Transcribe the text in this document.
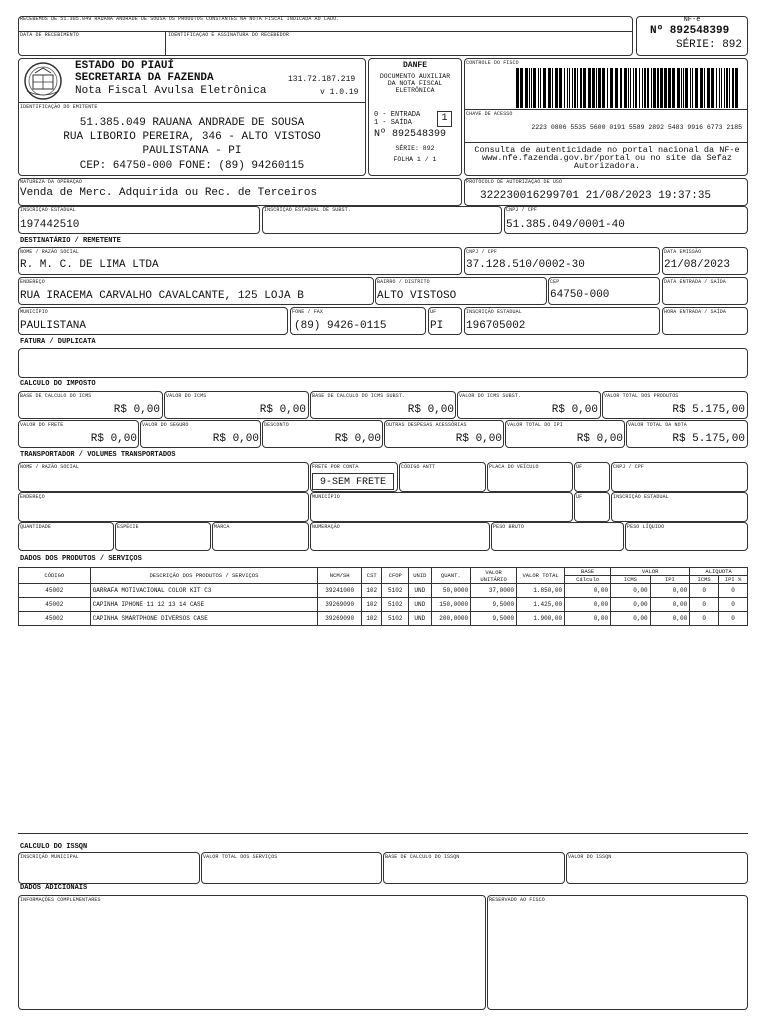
RECEBEMOS DE 51.385.049 RAUANA ANDRADE DE SOUSA OS PRODUTOS CONSTANTES NA NOTA FISCAL INDICADA AO LADO.
DATA DE RECEBIMENTO	IDENTIFICAÇÃO E ASSINATURA DO RECEBEDOR
NF-e
Nº 892548399
SÉRIE: 892
ESTADO DO PIAUÍ
SECRETARIA DA FAZENDA
Nota Fiscal Avulsa Eletrônica
131.72.187.219
v 1.0.19
IDENTIFICAÇÃO DO EMITENTE
51.385.049 RAUANA ANDRADE DE SOUSA
RUA LIBORIO PEREIRA, 346 - ALTO VISTOSO
PAULISTANA - PI
CEP: 64750-000 FONE: (89) 94260115
DANFE
DOCUMENTO AUXILIAR
DA NOTA FISCAL
ELETRÔNICA
0 - ENTRADA
1 - SAÍDA	1
Nº 892548399
SÉRIE: 892
FOLHA 1 / 1
CONTROLE DO FISCO
CHAVE DE ACESSO
2223 0806 5535 5600 0191 5589 2892 5483 9916 6773 2185
Consulta de autenticidade no portal nacional da NF-e www.nfe.fazenda.gov.br/portal ou no site da Sefaz Autorizadora.
NATUREZA DA OPERAÇÃO
Venda de Merc. Adquirida ou Rec. de Terceiros
PROTOCOLO DE AUTORIZAÇÃO DE USO
322230016299701 21/08/2023 19:37:35
INSCRIÇÃO ESTADUAL
197442510
INSCRIÇÃO ESTADUAL DE SUBST.	CNPJ / CPF
51.385.049/0001-40
DESTINATÁRIO / REMETENTE
NOME / RAZÃO SOCIAL
R. M. C. DE LIMA LTDA
CNPJ / CPF
37.128.510/0002-30
DATA EMISSÃO
21/08/2023
ENDEREÇO
RUA IRACEMA CARVALHO CAVALCANTE, 125 LOJA B
BAIRRO / DISTRITO
ALTO VISTOSO
CEP
64750-000
DATA ENTRADA / SAÍDA
MUNICÍPIO
PAULISTANA
FONE / FAX
(89) 9426-0115
UF
PI
INSCRIÇÃO ESTADUAL
196705002
HORA ENTRADA / SAÍDA
FATURA / DUPLICATA
CALCULO DO IMPOSTO
BASE DE CALCULO DO ICMS
R$ 0,00
VALOR DO ICMS
R$ 0,00
BASE DE CALCULO DO ICMS SUBST.
R$ 0,00
VALOR DO ICMS SUBST.
R$ 0,00
VALOR TOTAL DOS PRODUTOS
R$ 5.175,00
VALOR DO FRETE
R$ 0,00
VALOR DO SEGURO
R$ 0,00
DESCONTO
R$ 0,00
OUTRAS DESPESAS ACESSÓRIAS
R$ 0,00
VALOR TOTAL DO IPI
R$ 0,00
VALOR TOTAL DA NOTA
R$ 5.175,00
TRANSPORTADOR / VOLUMES TRANSPORTADOS
NOME / RAZÃO SOCIAL	FRETE POR CONTA
9-SEM FRETE
CÓDIGO ANTT	PLACA DO VEÍCULO	UF	CNPJ / CPF
ENDEREÇO	MUNICÍPIO	UF	INSCRIÇÃO ESTADUAL
QUANTIDADE	ESPÉCIE	MARCA	NUMERAÇÃO	PESO BRUTO	PESO LÍQUIDO
DADOS DOS PRODUTOS / SERVIÇOS
CÓDIGO	DESCRIÇÃO DOS PRODUTOS / SERVIÇOS	NCM/SH	CST	CFOP	UNID	QUANT.	VALOR UNITÁRIO	VALOR TOTAL	BASE	VALOR		ALIQUOTA	
									Cálculo	ICMS	IPI	ICMS	IPI %
45002	GARRAFA MOTIVACIONAL COLOR KIT C3	39241000	102	5102	UND	50,0000	37,0000	1.850,00	0,00	0,00	0,00	0	0
45002	CAPINHA IPHONE 11 12 13 14 CASE	39269090	102	5102	UND	150,0000	9,5000	1.425,00	0,00	0,00	0,00	0	0
45002	CAPINHA SMARTPHONE DIVERSOS CASE	39269090	102	5102	UND	200,0000	9,5000	1.900,00	0,00	0,00	0,00	0	0
CALCULO DO ISSQN
INSCRIÇÃO MUNICIPAL	VALOR TOTAL DOS SERVIÇOS	BASE DE CALCULO DO ISSQN	VALOR DO ISSQN
DADOS ADICIONAIS
INFORMAÇÕES COMPLEMENTARES	RESERVADO AO FISCO
